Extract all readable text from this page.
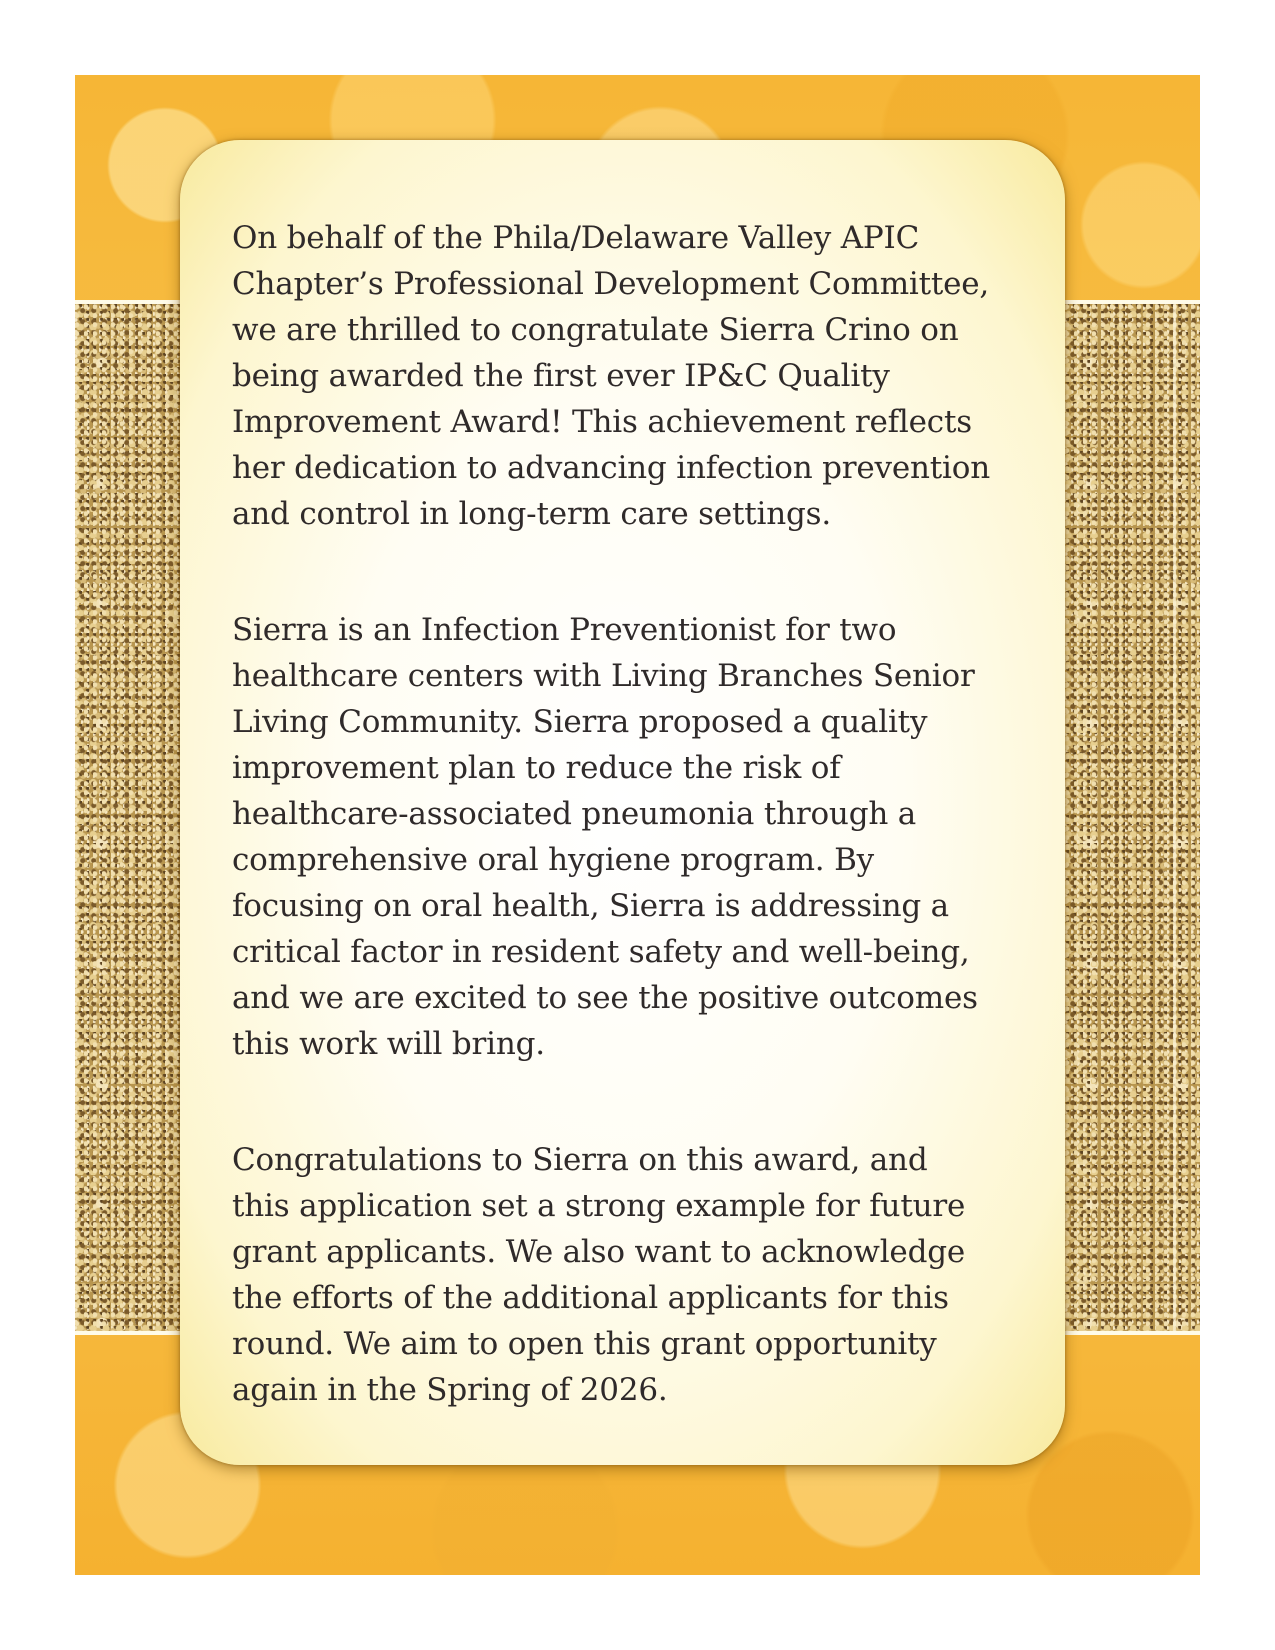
On behalf of the Phila/Delaware Valley APIC
Chapter’s Professional Development Committee,
we are thrilled to congratulate Sierra Crino on
being awarded the first ever IP&C Quality
Improvement Award! This achievement reflects
her dedication to advancing infection prevention
and control in long-term care settings.

Sierra is an Infection Preventionist for two
healthcare centers with Living Branches Senior
Living Community. Sierra proposed a quality
improvement plan to reduce the risk of
healthcare-associated pneumonia through a
comprehensive oral hygiene program. By
focusing on oral health, Sierra is addressing a
critical factor in resident safety and well-being,
and we are excited to see the positive outcomes
this work will bring.

Congratulations to Sierra on this award, and
this application set a strong example for future
grant applicants. We also want to acknowledge
the efforts of the additional applicants for this
round. We aim to open this grant opportunity
again in the Spring of 2026.
